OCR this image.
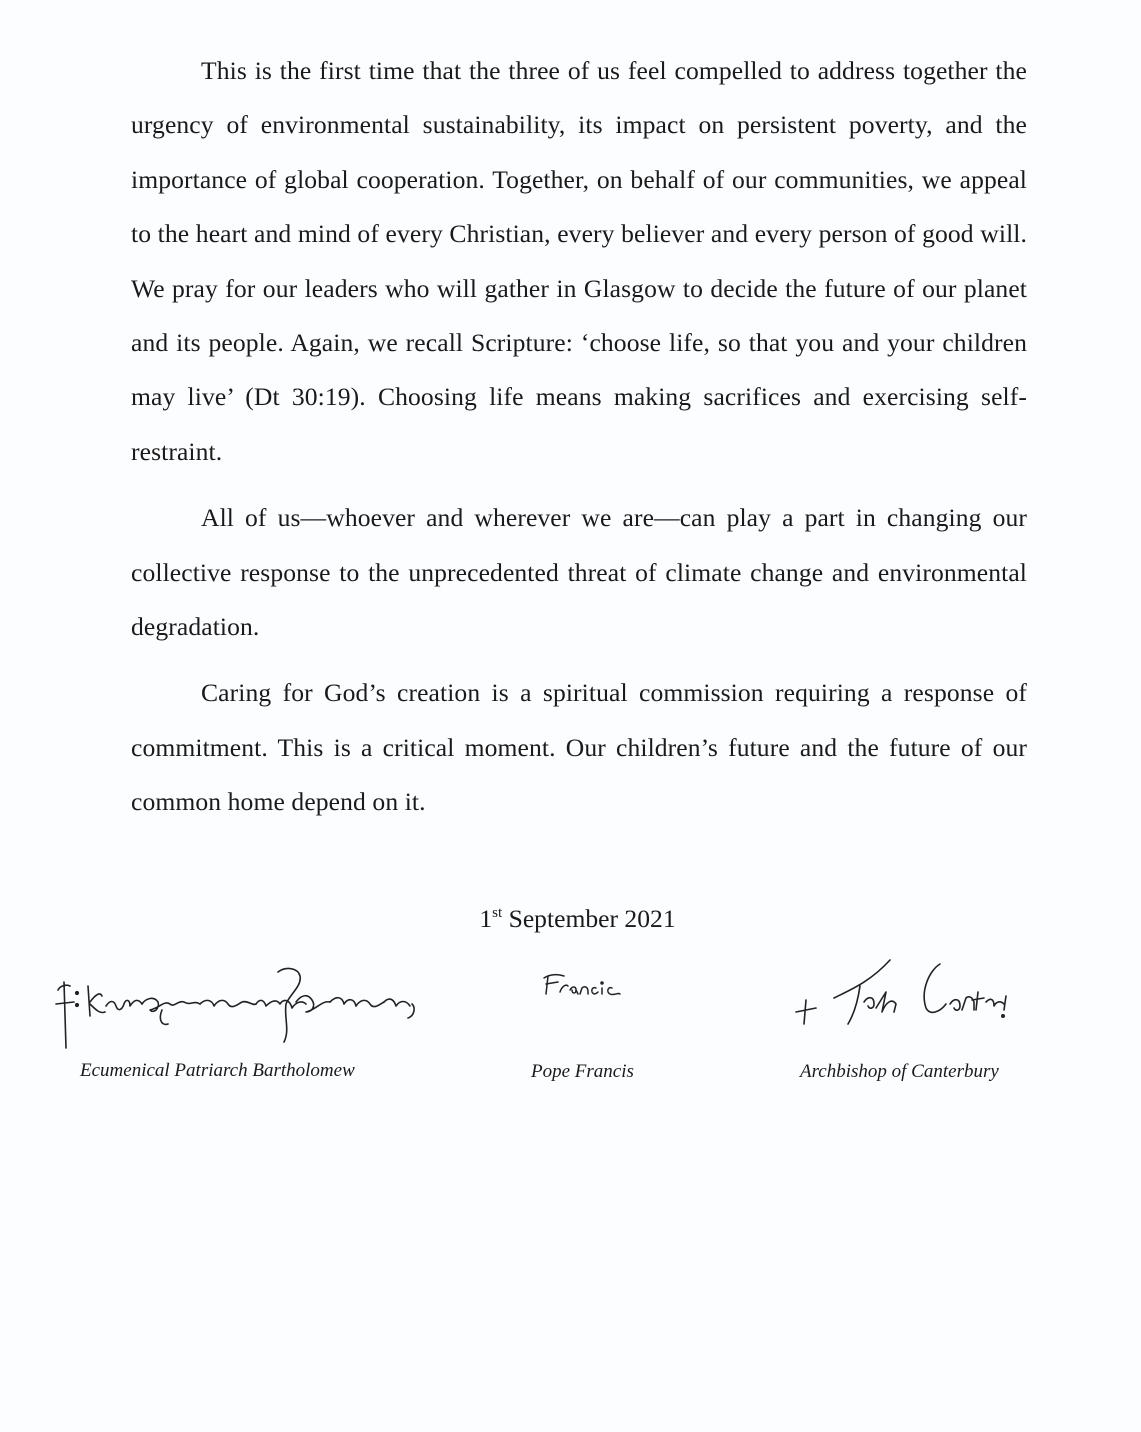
This is the first time that the three of us feel compelled to address together the urgency of environmental sustainability, its impact on persistent poverty, and the importance of global cooperation. Together, on behalf of our communities, we appeal to the heart and mind of every Christian, every believer and every person of good will. We pray for our leaders who will gather in Glasgow to decide the future of our planet and its people. Again, we recall Scripture: ‘choose life, so that you and your children may live’ (Dt 30:19). Choosing life means making sacrifices and exercising self-restraint.

All of us—whoever and wherever we are—can play a part in changing our collective response to the unprecedented threat of climate change and environmental degradation.

Caring for God’s creation is a spiritual commission requiring a response of commitment. This is a critical moment. Our children’s future and the future of our common home depend on it.

1st September 2021
Ecumenical Patriarch Bartholomew	Pope Francis	Archbishop of Canterbury
